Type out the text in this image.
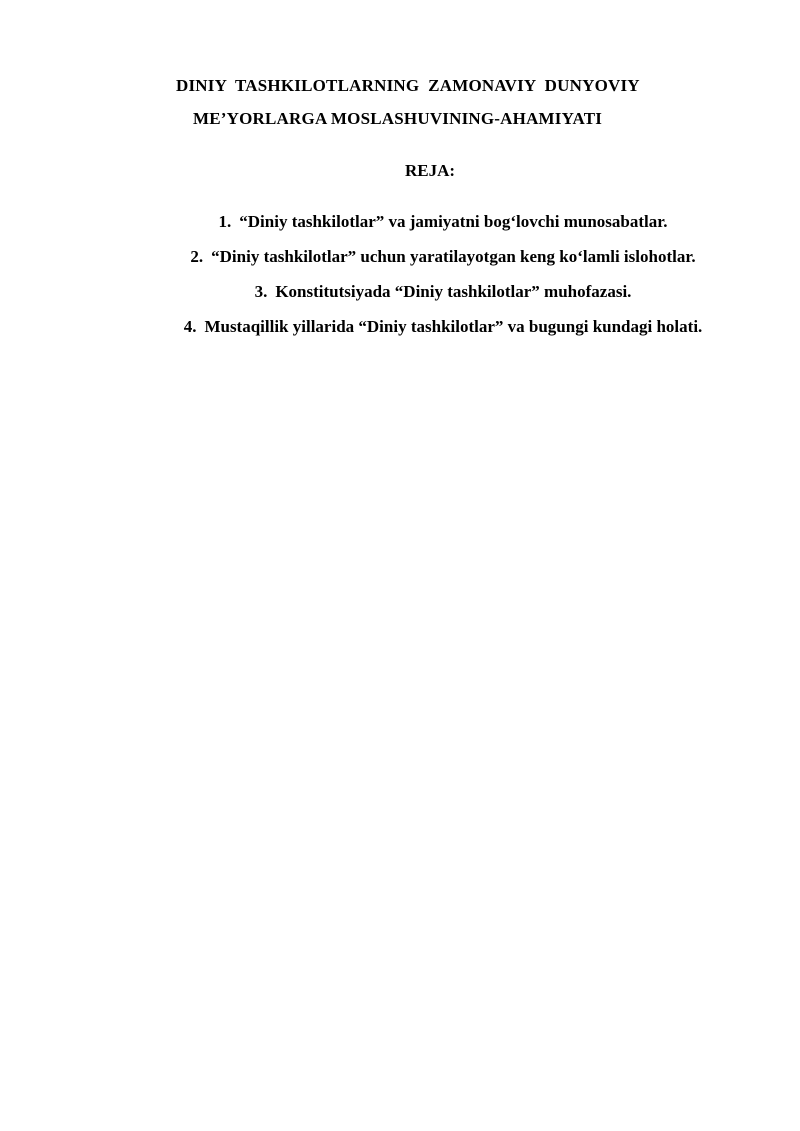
DINIY  TASHKILOTLARNING  ZAMONAVIY  DUNYOVIY
ME’YORLARGA MOSLASHUVINING-AHAMIYATI
REJA:
1. “Diniy tashkilotlar” va jamiyatni bog‘lovchi munosabatlar.
2. “Diniy tashkilotlar” uchun yaratilayotgan keng ko‘lamli islohotlar.
3. Konstitutsiyada “Diniy tashkilotlar” muhofazasi.
4. Mustaqillik yillarida “Diniy tashkilotlar” va bugungi kundagi holati.
